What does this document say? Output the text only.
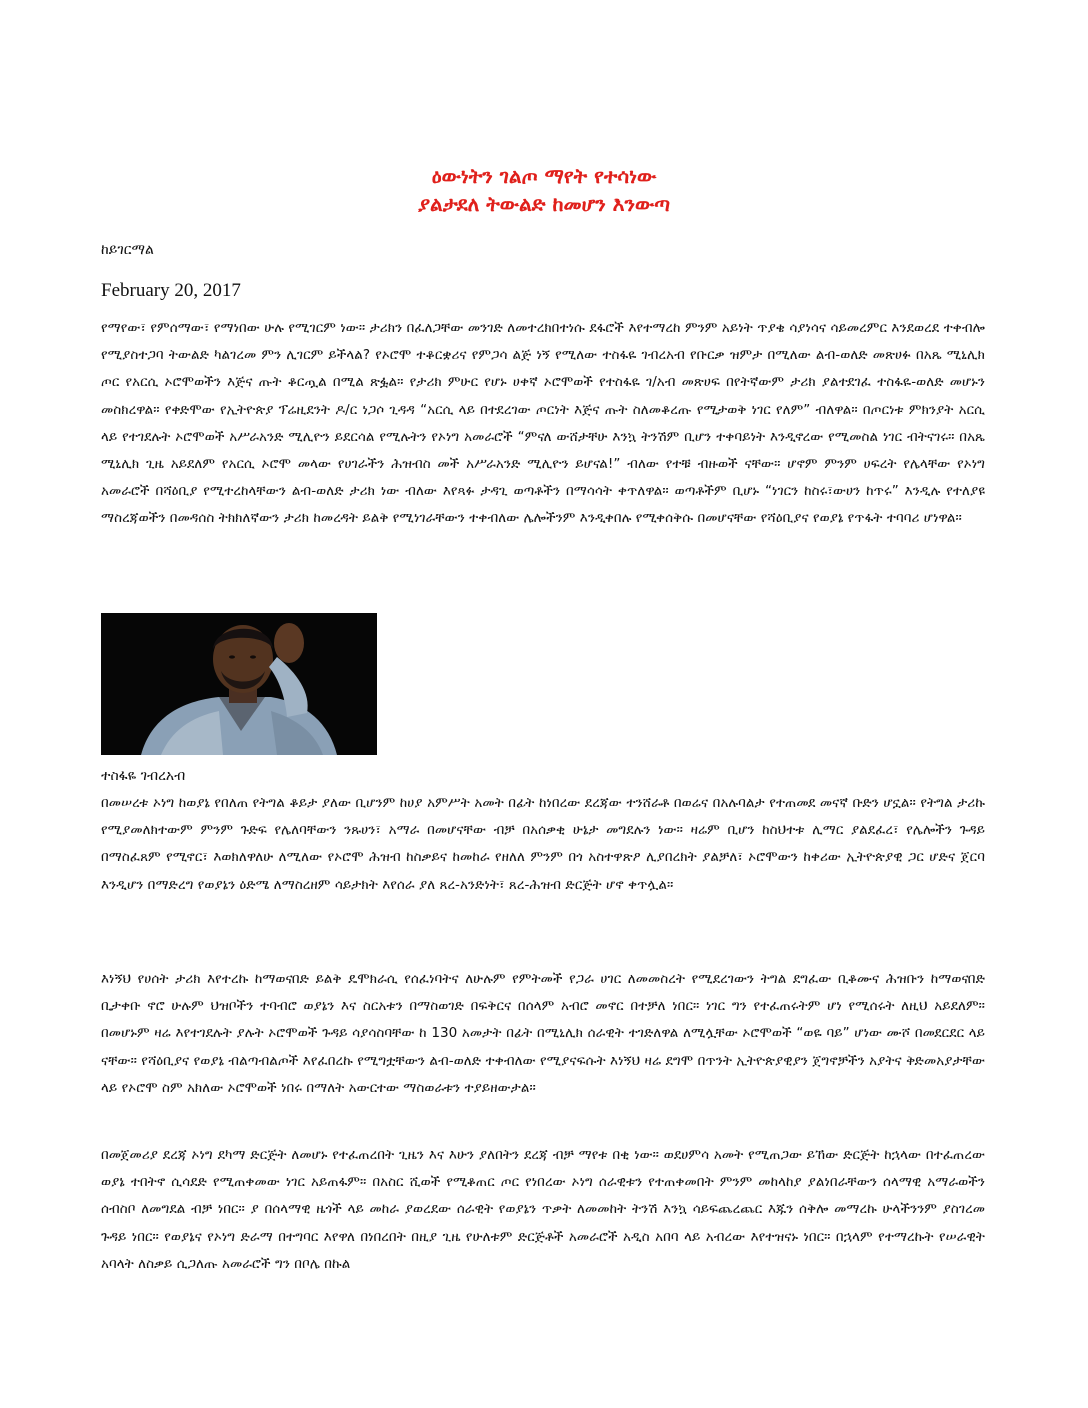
ዕውነትን ገልጦ ማየት የተሳነው
ያልታደለ ትውልድ ከመሆን እንውጣ
ከይገርማል
February 20, 2017

የማየው፣ የምሰማው፣ የማነበው ሁሉ የሚገርም ነው። ታሪክን በፈለጋቸው መንገድ ለመተረክበተነሱ ደፋሮች እየተማረከ ምንም አይነት ጥያቄ ሳያነሳና ሳይመረምር እንደወረደ ተቀብሎ የሚያስተጋባ ትውልድ ካልገረመ ምን ሊገርም ይችላል? የኦሮሞ ተቆርቋሪና የምጋሳ ልጅ ነኝ የሚለው ተስፋዬ ገብረአብ የቡርቃ ዝምታ በሚለው ልብ-ወለድ መጽሀፉ በአጼ ሚኒሊክ ጦር የአርሲ ኦሮሞወችን እጅና ጡት ቆርጧል በሚል ጽፏል። የታሪክ ምሁር የሆኑ ሀቀኛ ኦሮሞወች የተስፋዬ ገ/አብ መጽሀፍ በየትኛውም ታሪክ ያልተደገፈ ተስፋዬ-ወለድ መሆኑን መስክረዋል። የቀድሞው የኢትዮጵያ ፕሬዚደንት ዶ/ር ነጋሶ ጊዳዳ “አርሲ ላይ በተደረገው ጦርነት እጅና ጡት ስለመቆረጡ የሚታወቅ ነገር የለም” ብለዋል። በጦርነቱ ምክንያት አርሲ ላይ የተገደሉት ኦሮሞወች አሥራአንድ ሚሊዮን ይደርሳል የሚሉትን የኦነግ አመራሮች “ምናለ ውሸታቸሁ እንኳ ትንሽም ቢሆን ተቀባይነት እንዲኖረው የሚመስል ነገር ብትናገሩ። በአጼ ሚኒሊክ ጊዜ አይደለም የአርሲ ኦሮሞ መላው የሀገራችን ሕዝብስ መች አሥራአንድ ሚሊዮን ይሆናል!” ብለው የተቹ ብዙወች ናቸው። ሆኖም ምንም ሀፍረት የሌላቸው የኦነግ አመራሮች በሻዕቢያ የሚተረከላቸውን ልብ-ወለድ ታሪክ ነው ብለው እየጻፉ ታዳጊ ወጣቶችን በማሳሳት ቀጥለዋል። ወጣቶችም ቢሆኑ “ነገርን ከስሩ፣ውሀን ከጥሩ” እንዲሉ የተለያዩ ማስረጃወችን በመዳሰስ ትክክለኛውን ታሪክ ከመረዳት ይልቅ የሚነገራቸውን ተቀብለው ሌሎችንም እንዲቀበሉ የሚቀሰቅሱ በመሆናቸው የሻዕቢያና የወያኔ የጥፋት ተባባሪ ሆነዋል።

ተስፋዬ ገብረአብ

በመሠረቱ ኦነግ ከወያኔ የበለጠ የትግል ቆይታ ያለው ቢሆንም ከሀያ አምሥት አመት በፊት ከነበረው ደረጃው ተንሸራቶ በወሬና በአሉባልታ የተጠመደ መናኛ ቡድን ሆኗል። የትግል ታሪኩ የሚያመለክተውም ምንም ጉድፍ የሌለባቸውን ንጹሀን፣ አማራ በመሆናቸው ብቻ በአሰቃቂ ሁኔታ መግደሉን ነው። ዛሬም ቢሆን ከስህተቱ ሊማር ያልደፈረ፣ የሌሎችን ጉዳይ በማስፈጸም የሚኖር፣ እወክለዋለሁ ለሚለው የኦሮሞ ሕዝብ ከስቃይና ከመከራ የዘለለ ምንም በጎ አስተዋጽዖ ሊያበረክት ያልቻለ፣ ኦሮሞውን ከቀሪው ኢትዮጵያዊ ጋር ሆድና ጀርባ እንዲሆን በማድረግ የወያኔን ዕድሜ ለማስረዘም ሳይታክት እየሰራ ያለ ጸረ-አንድነት፣ ጸረ-ሕዝብ ድርጅት ሆኖ ቀጥሏል።

እነኝህ የሀሰት ታሪክ እየተረኩ ከማወናበድ ይልቅ ዴሞክራሲ የሰፈነባትና ለሁሉም የምትመች የጋራ ሀገር ለመመስረት የሚደረገውን ትግል ደግፈው ቢቆሙና ሕዝቡን ከማወናበድ ቢታቀቡ ኖሮ ሁሉም ህዝቦችን ተባብሮ ወያኔን እና ስርአቱን በማስወገድ በፍቅርና በሰላም አብሮ መኖር በተቻለ ነበር። ነገር ግን የተፈጠሩትም ሆነ የሚሰሩት ለዚህ አይደለም። በመሆኑም ዛሬ እየተገደሉት ያሉት ኦሮሞወች ጉዳይ ሳያሳስባቸው ከ 130 አመታት በፊት በሚኒሊክ ሰራዊት ተገድለዋል ለሚሏቸው ኦሮሞወች “ወዬ ባይ” ሆነው ሙሾ በመደርደር ላይ ናቸው። የሻዕቢያና የወያኔ ብልጣብልጦች እየፈበረኩ የሚግቷቸውን ልብ-ወለድ ተቀብለው የሚያናፍሱት እነኝህ ዛሬ ደግሞ በጥንት ኢትዮጵያዊያን ጀግኖቻችን አያትና ቅድመአያታቸው ላይ የኦሮሞ ስም አክለው ኦሮሞወች ነበሩ በማለት አውርተው ማስወራቱን ተያይዘውታል።

በመጀመሪያ ደረጃ ኦነግ ደካማ ድርጅት ለመሆኑ የተፈጠረበት ጊዜን እና እሁን ያለበትን ደረጃ ብቻ ማየቱ በቂ ነው። ወደሀምሳ አመት የሚጠጋው ይኸው ድርጅት ከኋላው በተፈጠረው ወያኔ ተበትኖ ሲሳደድ የሚጠቀመው ነገር አይጠፋም። በአስር ሺወች የሚቆጠር ጦር የነበረው ኦነግ ሰራዊቱን የተጠቀመበት ምንም መከላከያ ያልነበራቸውን ሰላማዊ አማራወችን ሰብስቦ ለመግደል ብቻ ነበር። ያ በሰላማዊ ዜጎች ላይ መከራ ያወረደው ሰራዊት የወያኔን ጥቃት ለመመከት ትንሽ እንኳ ሳይፍጨረጨር እጁን ሰቅሎ መማረኩ ሁላችንንም ያስገረመ ጉዳይ ነበር። የወያኔና የኦነግ ድራማ በተግባር እየዋለ በነበረበት በዚያ ጊዜ የሁለቱም ድርጅቶች አመራሮች አዲስ አበባ ላይ አብረው እየተዝናኑ ነበር። በኋላም የተማረኩት የሠራዊት አባላት ለስቃይ ሲጋለጡ አመራሮች ግን በቦሌ በኩል
